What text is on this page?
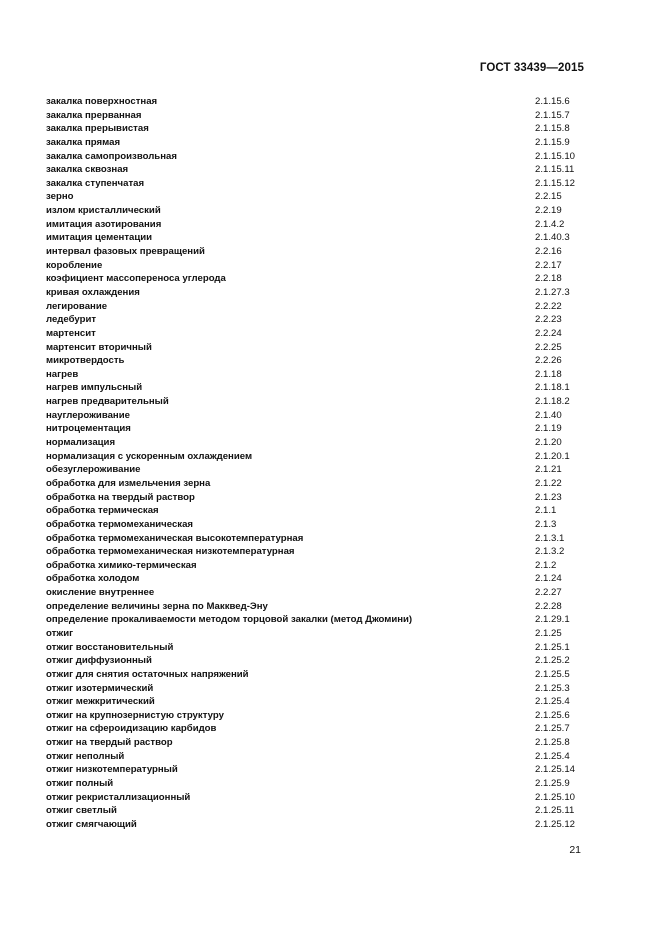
ГОСТ 33439—2015
закалка поверхностная	2.1.15.6
закалка прерванная	2.1.15.7
закалка прерывистая	2.1.15.8
закалка прямая	2.1.15.9
закалка самопроизвольная	2.1.15.10
закалка сквозная	2.1.15.11
закалка ступенчатая	2.1.15.12
зерно	2.2.15
излом кристаллический	2.2.19
имитация азотирования	2.1.4.2
имитация цементации	2.1.40.3
интервал фазовых превращений	2.2.16
коробление	2.2.17
коэфициент массопереноса углерода	2.2.18
кривая охлаждения	2.1.27.3
легирование	2.2.22
ледебурит	2.2.23
мартенсит	2.2.24
мартенсит вторичный	2.2.25
микротвердость	2.2.26
нагрев	2.1.18
нагрев импульсный	2.1.18.1
нагрев предварительный	2.1.18.2
науглероживание	2.1.40
нитроцементация	2.1.19
нормализация	2.1.20
нормализация с ускоренным охлаждением	2.1.20.1
обезуглероживание	2.1.21
обработка для измельчения зерна	2.1.22
обработка на твердый раствор	2.1.23
обработка термическая	2.1.1
обработка термомеханическая	2.1.3
обработка термомеханическая высокотемпературная	2.1.3.1
обработка термомеханическая низкотемпературная	2.1.3.2
обработка химико-термическая	2.1.2
обработка холодом	2.1.24
окисление внутреннее	2.2.27
определение величины зерна по Макквед-Эну	2.2.28
определение прокаливаемости методом торцовой закалки (метод Джомини)	2.1.29.1
отжиг	2.1.25
отжиг восстановительный	2.1.25.1
отжиг диффузионный	2.1.25.2
отжиг для снятия остаточных напряжений	2.1.25.5
отжиг изотермический	2.1.25.3
отжиг межкритический	2.1.25.4
отжиг на крупнозернистую структуру	2.1.25.6
отжиг на сфероидизацию карбидов	2.1.25.7
отжиг на твердый раствор	2.1.25.8
отжиг неполный	2.1.25.4
отжиг низкотемпературный	2.1.25.14
отжиг полный	2.1.25.9
отжиг рекристаллизационный	2.1.25.10
отжиг светлый	2.1.25.11
отжиг смягчающий	2.1.25.12
21
